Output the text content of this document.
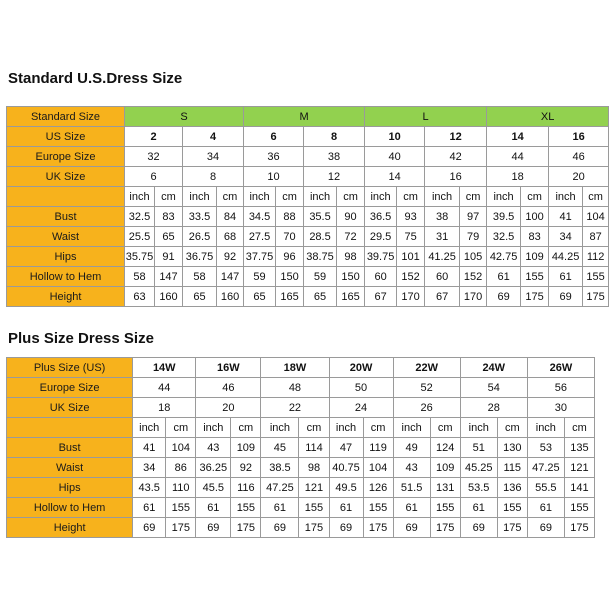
Standard U.S.Dress Size
Standard Size	S				M				L				XL			
US Size	2		4		6		8		10		12		14		16	
Europe Size	32		34		36		38		40		42		44		46	
UK Size	6		8		10		12		14		16		18		20	
	inch	cm	inch	cm	inch	cm	inch	cm	inch	cm	inch	cm	inch	cm	inch	cm
Bust	32.5	83	33.5	84	34.5	88	35.5	90	36.5	93	38	97	39.5	100	41	104
Waist	25.5	65	26.5	68	27.5	70	28.5	72	29.5	75	31	79	32.5	83	34	87
Hips	35.75	91	36.75	92	37.75	96	38.75	98	39.75	101	41.25	105	42.75	109	44.25	112
Hollow to Hem	58	147	58	147	59	150	59	150	60	152	60	152	61	155	61	155
Height	63	160	65	160	65	165	65	165	67	170	67	170	69	175	69	175
Plus Size Dress Size
Plus Size (US)	14W		16W		18W		20W		22W		24W		26W	
Europe Size	44		46		48		50		52		54		56	
UK Size	18		20		22		24		26		28		30	
	inch	cm	inch	cm	inch	cm	inch	cm	inch	cm	inch	cm	inch	cm
Bust	41	104	43	109	45	114	47	119	49	124	51	130	53	135
Waist	34	86	36.25	92	38.5	98	40.75	104	43	109	45.25	115	47.25	121
Hips	43.5	110	45.5	116	47.25	121	49.5	126	51.5	131	53.5	136	55.5	141
Hollow to Hem	61	155	61	155	61	155	61	155	61	155	61	155	61	155
Height	69	175	69	175	69	175	69	175	69	175	69	175	69	175
